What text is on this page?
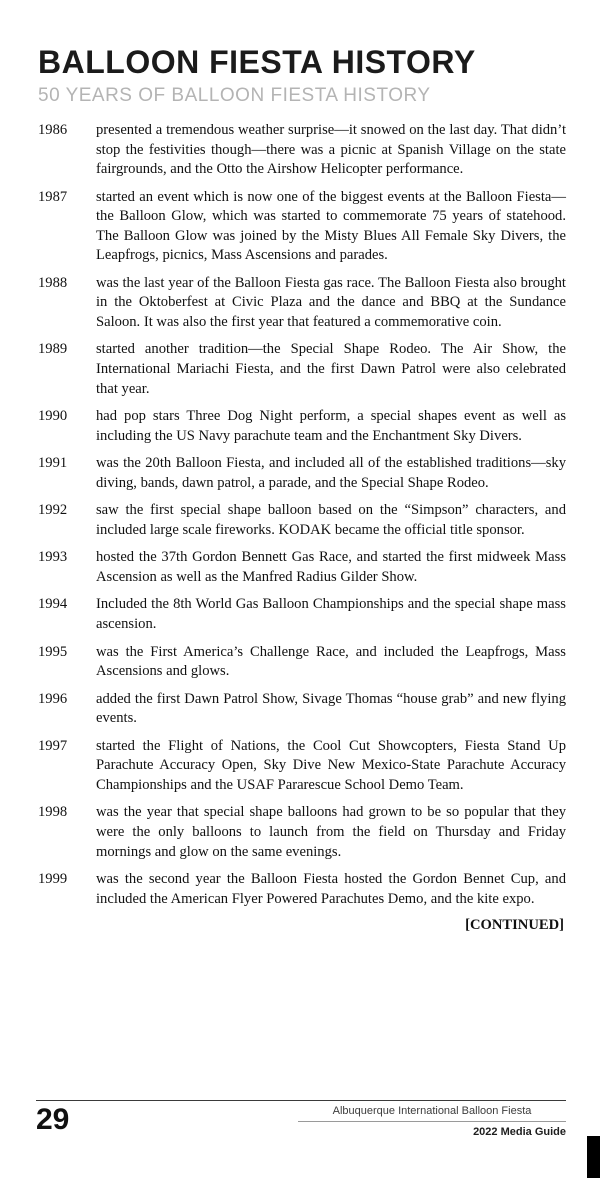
BALLOON FIESTA HISTORY
50 YEARS OF BALLOON FIESTA HISTORY
1986	presented a tremendous weather surprise—it snowed on the last day. That didn’t stop the festivities though—there was a picnic at Spanish Village on the state fairgrounds, and the Otto the Airshow Helicopter performance.
1987	started an event which is now one of the biggest events at the Balloon Fiesta—the Balloon Glow, which was started to commemorate 75 years of statehood. The Balloon Glow was joined by the Misty Blues All Female Sky Divers, the Leapfrogs, picnics, Mass Ascensions and parades.
1988	was the last year of the Balloon Fiesta gas race. The Balloon Fiesta also brought in the Oktoberfest at Civic Plaza and the dance and BBQ at the Sundance Saloon. It was also the first year that featured a commemorative coin.
1989	started another tradition—the Special Shape Rodeo. The Air Show, the International Mariachi Fiesta, and the first Dawn Patrol were also celebrated that year.
1990	had pop stars Three Dog Night perform, a special shapes event as well as including the US Navy parachute team and the Enchantment Sky Divers.
1991	was the 20th Balloon Fiesta, and included all of the established traditions—sky diving, bands, dawn patrol, a parade, and the Special Shape Rodeo.
1992	saw the first special shape balloon based on the “Simpson” characters, and included large scale fireworks. KODAK became the official title sponsor.
1993	hosted the 37th Gordon Bennett Gas Race, and started the first midweek Mass Ascension as well as the Manfred Radius Gilder Show.
1994	Included the 8th World Gas Balloon Championships and the special shape mass ascension.
1995	was the First America’s Challenge Race, and included the Leapfrogs, Mass Ascensions and glows.
1996	added the first Dawn Patrol Show, Sivage Thomas “house grab” and new flying events.
1997	started the Flight of Nations, the Cool Cut Showcopters, Fiesta Stand Up Parachute Accuracy Open, Sky Dive New Mexico-State Parachute Accuracy Championships and the USAF Pararescue School Demo Team.
1998	was the year that special shape balloons had grown to be so popular that they were the only balloons to launch from the field on Thursday and Friday mornings and glow on the same evenings.
1999	was the second year the Balloon Fiesta hosted the Gordon Bennet Cup, and included the American Flyer Powered Parachutes Demo, and the kite expo.
[CONTINUED]
29	Albuquerque International Balloon Fiesta
2022 Media Guide
